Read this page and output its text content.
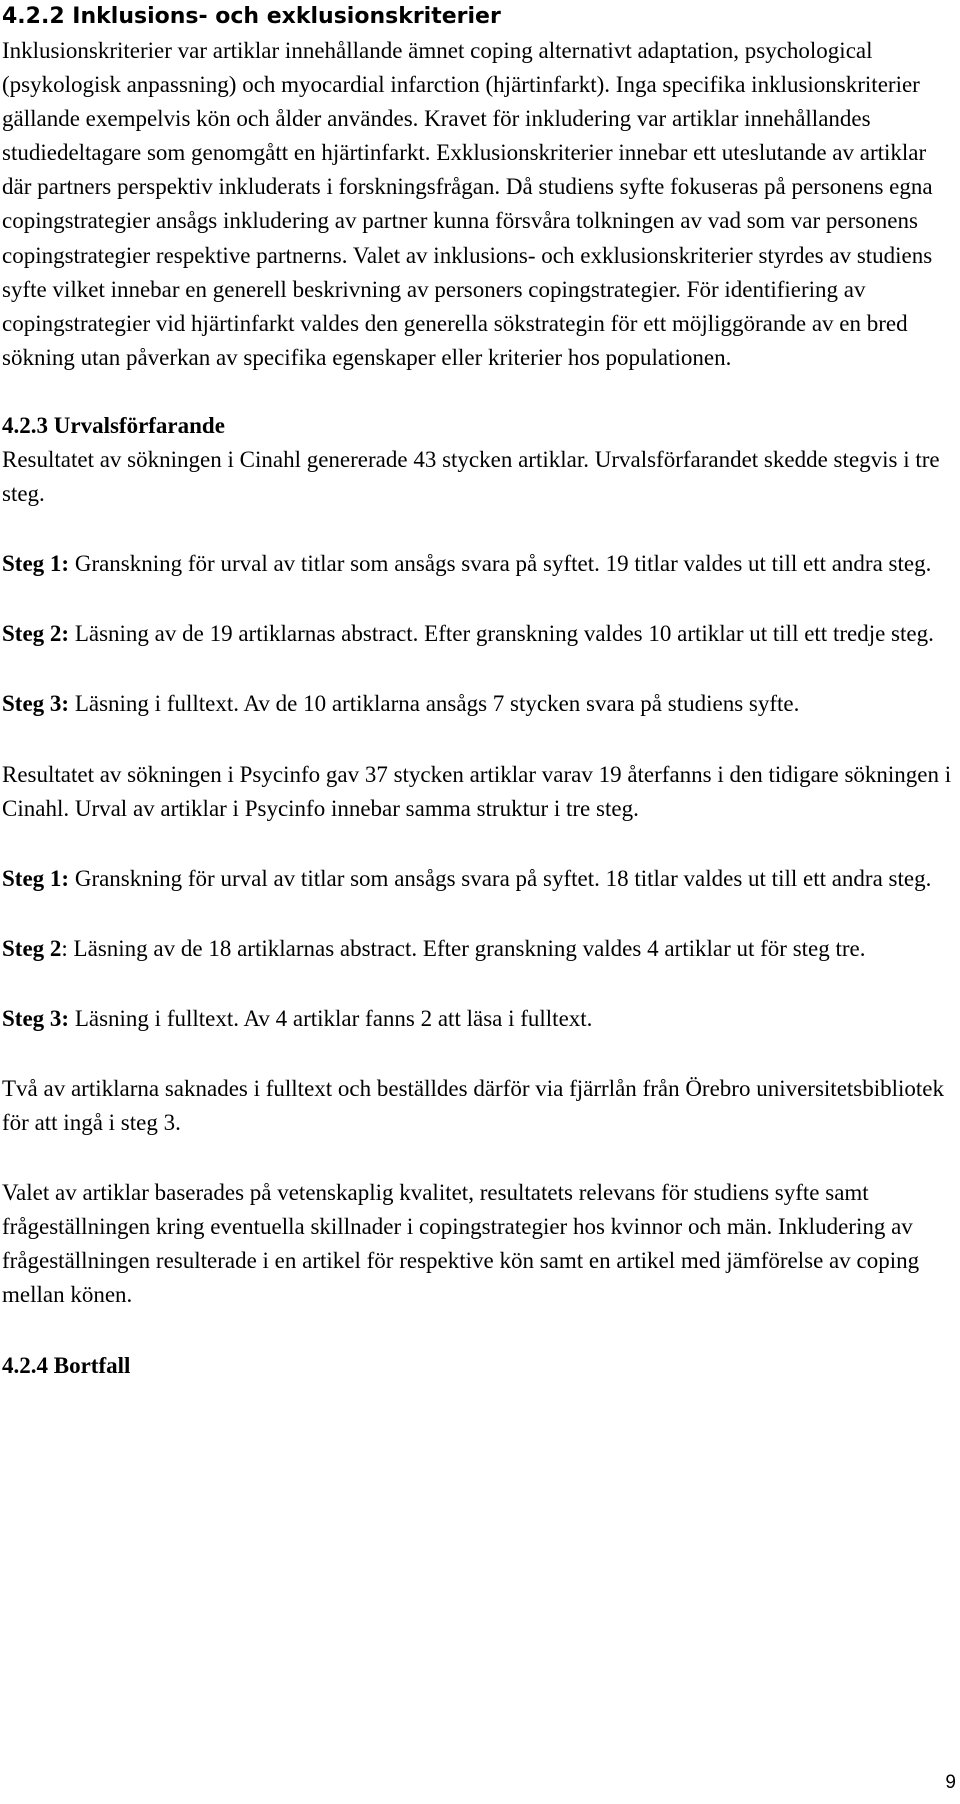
4.2.2 Inklusions- och exklusionskriterier

Inklusionskriterier var artiklar innehållande ämnet coping alternativt adaptation, psychological (psykologisk anpassning) och myocardial infarction (hjärtinfarkt). Inga specifika inklusionskriterier gällande exempelvis kön och ålder användes. Kravet för inkludering var artiklar innehållandes studiedeltagare som genomgått en hjärtinfarkt. Exklusionskriterier innebar ett uteslutande av artiklar där partners perspektiv inkluderats i forskningsfrågan. Då studiens syfte fokuseras på personens egna copingstrategier ansågs inkludering av partner kunna försvåra tolkningen av vad som var personens copingstrategier respektive partnerns. Valet av inklusions- och exklusionskriterier styrdes av studiens syfte vilket innebar en generell beskrivning av personers copingstrategier. För identifiering av copingstrategier vid hjärtinfarkt valdes den generella sökstrategin för ett möjliggörande av en bred sökning utan påverkan av specifika egenskaper eller kriterier hos populationen.

4.2.3 Urvalsförfarande

Resultatet av sökningen i Cinahl genererade 43 stycken artiklar. Urvalsförfarandet skedde stegvis i tre steg.

Steg 1: Granskning för urval av titlar som ansågs svara på syftet. 19 titlar valdes ut till ett andra steg.

Steg 2: Läsning av de 19 artiklarnas abstract. Efter granskning valdes 10 artiklar ut till ett tredje steg.

Steg 3: Läsning i fulltext. Av de 10 artiklarna ansågs 7 stycken svara på studiens syfte.

Resultatet av sökningen i Psycinfo gav 37 stycken artiklar varav 19 återfanns i den tidigare sökningen i Cinahl. Urval av artiklar i Psycinfo innebar samma struktur i tre steg.

Steg 1: Granskning för urval av titlar som ansågs svara på syftet. 18 titlar valdes ut till ett andra steg.

Steg 2: Läsning av de 18 artiklarnas abstract. Efter granskning valdes 4 artiklar ut för steg tre.

Steg 3: Läsning i fulltext. Av 4 artiklar fanns 2 att läsa i fulltext.

Två av artiklarna saknades i fulltext och beställdes därför via fjärrlån från Örebro universitetsbibliotek för att ingå i steg 3.

Valet av artiklar baserades på vetenskaplig kvalitet, resultatets relevans för studiens syfte samt frågeställningen kring eventuella skillnader i copingstrategier hos kvinnor och män. Inkludering av frågeställningen resulterade i en artikel för respektive kön samt en artikel med jämförelse av coping mellan könen.

4.2.4 Bortfall

9
